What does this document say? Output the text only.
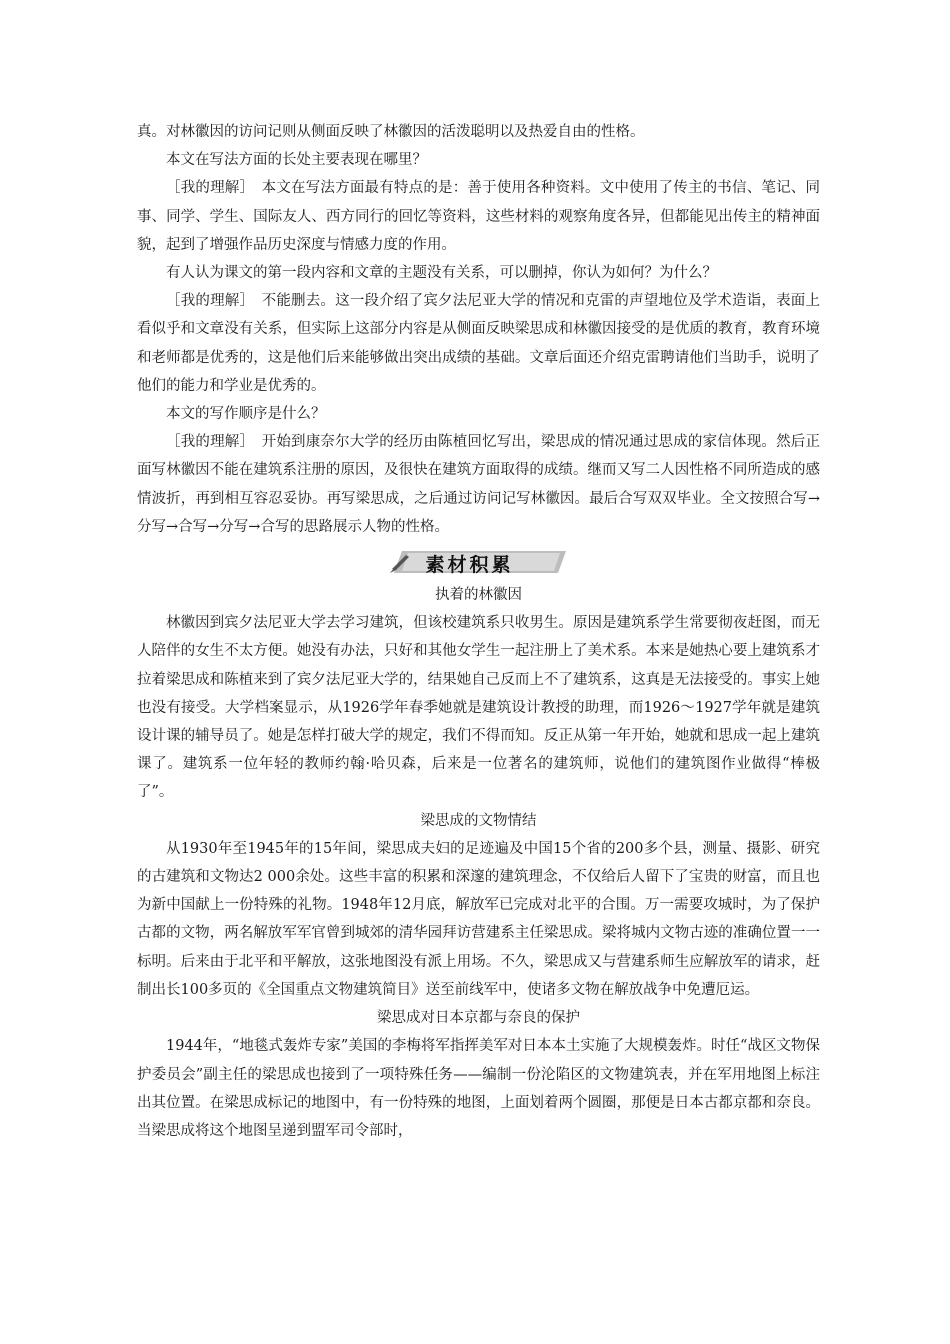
真。对林徽因的访问记则从侧面反映了林徽因的活泼聪明以及热爱自由的性格。

本文在写法方面的长处主要表现在哪里？

［我的理解］　本文在写法方面最有特点的是：善于使用各种资料。文中使用了传主的书信、笔记、同事、同学、学生、国际友人、西方同行的回忆等资料，这些材料的观察角度各异，但都能见出传主的精神面貌，起到了增强作品历史深度与情感力度的作用。

有人认为课文的第一段内容和文章的主题没有关系，可以删掉，你认为如何？为什么？

［我的理解］　不能删去。这一段介绍了宾夕法尼亚大学的情况和克雷的声望地位及学术造诣，表面上看似乎和文章没有关系，但实际上这部分内容是从侧面反映梁思成和林徽因接受的是优质的教育，教育环境和老师都是优秀的，这是他们后来能够做出突出成绩的基础。文章后面还介绍克雷聘请他们当助手，说明了他们的能力和学业是优秀的。

本文的写作顺序是什么？

［我的理解］　开始到康奈尔大学的经历由陈植回忆写出，梁思成的情况通过思成的家信体现。然后正面写林徽因不能在建筑系注册的原因，及很快在建筑方面取得的成绩。继而又写二人因性格不同所造成的感情波折，再到相互容忍妥协。再写梁思成，之后通过访问记写林徽因。最后合写双双毕业。全文按照合写→分写→合写→分写→合写的思路展示人物的性格。

素材积累

执着的林徽因

林徽因到宾夕法尼亚大学去学习建筑，但该校建筑系只收男生。原因是建筑系学生常要彻夜赶图，而无人陪伴的女生不太方便。她没有办法，只好和其他女学生一起注册上了美术系。本来是她热心要上建筑系才拉着梁思成和陈植来到了宾夕法尼亚大学的，结果她自己反而上不了建筑系，这真是无法接受的。事实上她也没有接受。大学档案显示，从1926学年春季她就是建筑设计教授的助理，而1926～1927学年就是建筑设计课的辅导员了。她是怎样打破大学的规定，我们不得而知。反正从第一年开始，她就和思成一起上建筑课了。建筑系一位年轻的教师约翰·哈贝森，后来是一位著名的建筑师，说他们的建筑图作业做得“棒极了”。

梁思成的文物情结

从1930年至1945年的15年间，梁思成夫妇的足迹遍及中国15个省的200多个县，测量、摄影、研究的古建筑和文物达2 000余处。这些丰富的积累和深邃的建筑理念，不仅给后人留下了宝贵的财富，而且也为新中国献上一份特殊的礼物。1948年12月底，解放军已完成对北平的合围。万一需要攻城时，为了保护古都的文物，两名解放军军官曾到城郊的清华园拜访营建系主任梁思成。梁将城内文物古迹的准确位置一一标明。后来由于北平和平解放，这张地图没有派上用场。不久，梁思成又与营建系师生应解放军的请求，赶制出长100多页的《全国重点文物建筑简目》送至前线军中，使诸多文物在解放战争中免遭厄运。

梁思成对日本京都与奈良的保护

1944年，“地毯式轰炸专家”美国的李梅将军指挥美军对日本本土实施了大规模轰炸。时任“战区文物保护委员会”副主任的梁思成也接到了一项特殊任务——编制一份沦陷区的文物建筑表，并在军用地图上标注出其位置。在梁思成标记的地图中，有一份特殊的地图，上面划着两个圆圈，那便是日本古都京都和奈良。当梁思成将这个地图呈递到盟军司令部时，
